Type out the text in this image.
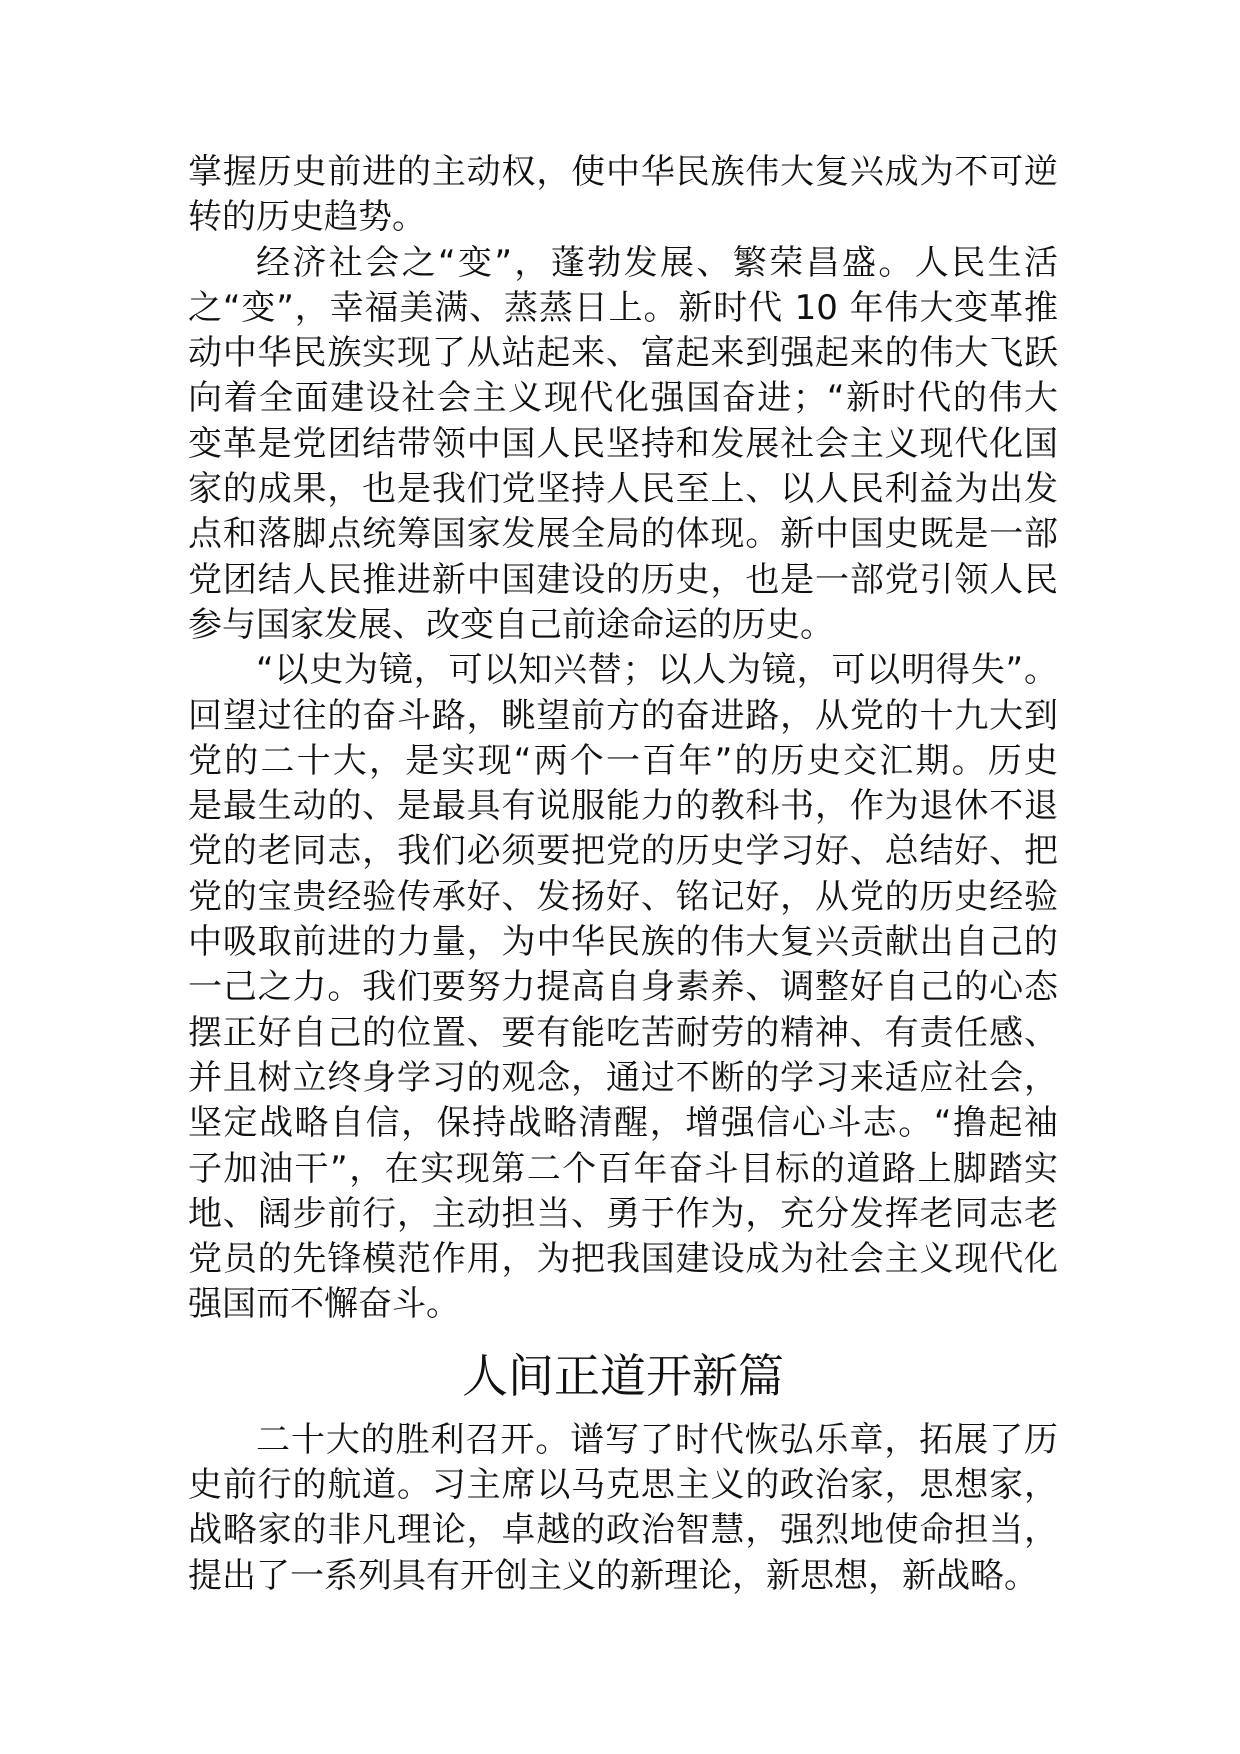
掌握历史前进的主动权，使中华民族伟大复兴成为不可逆
转的历史趋势。
经济社会之“变”，蓬勃发展、繁荣昌盛。人民生活
之“变”，幸福美满、蒸蒸日上。新时代 10 年伟大变革推
动中华民族实现了从站起来、富起来到强起来的伟大飞跃
向着全面建设社会主义现代化强国奋进；“新时代的伟大
变革是党团结带领中国人民坚持和发展社会主义现代化国
家的成果，也是我们党坚持人民至上、以人民利益为出发
点和落脚点统筹国家发展全局的体现。新中国史既是一部
党团结人民推进新中国建设的历史，也是一部党引领人民
参与国家发展、改变自己前途命运的历史。
“以史为镜，可以知兴替；以人为镜，可以明得失”。
回望过往的奋斗路，眺望前方的奋进路，从党的十九大到
党的二十大，是实现“两个一百年”的历史交汇期。历史
是最生动的、是最具有说服能力的教科书，作为退休不退
党的老同志，我们必须要把党的历史学习好、总结好、把
党的宝贵经验传承好、发扬好、铭记好，从党的历史经验
中吸取前进的力量，为中华民族的伟大复兴贡献出自己的
一己之力。我们要努力提高自身素养、调整好自己的心态
摆正好自己的位置、要有能吃苦耐劳的精神、有责任感、
并且树立终身学习的观念，通过不断的学习来适应社会，
坚定战略自信，保持战略清醒，增强信心斗志。“撸起袖
子加油干”，在实现第二个百年奋斗目标的道路上脚踏实
地、阔步前行，主动担当、勇于作为，充分发挥老同志老
党员的先锋模范作用，为把我国建设成为社会主义现代化
强国而不懈奋斗。
人间正道开新篇
二十大的胜利召开。谱写了时代恢弘乐章，拓展了历
史前行的航道。习主席以马克思主义的政治家，思想家，
战略家的非凡理论，卓越的政治智慧，强烈地使命担当，
提出了一系列具有开创主义的新理论，新思想，新战略。
